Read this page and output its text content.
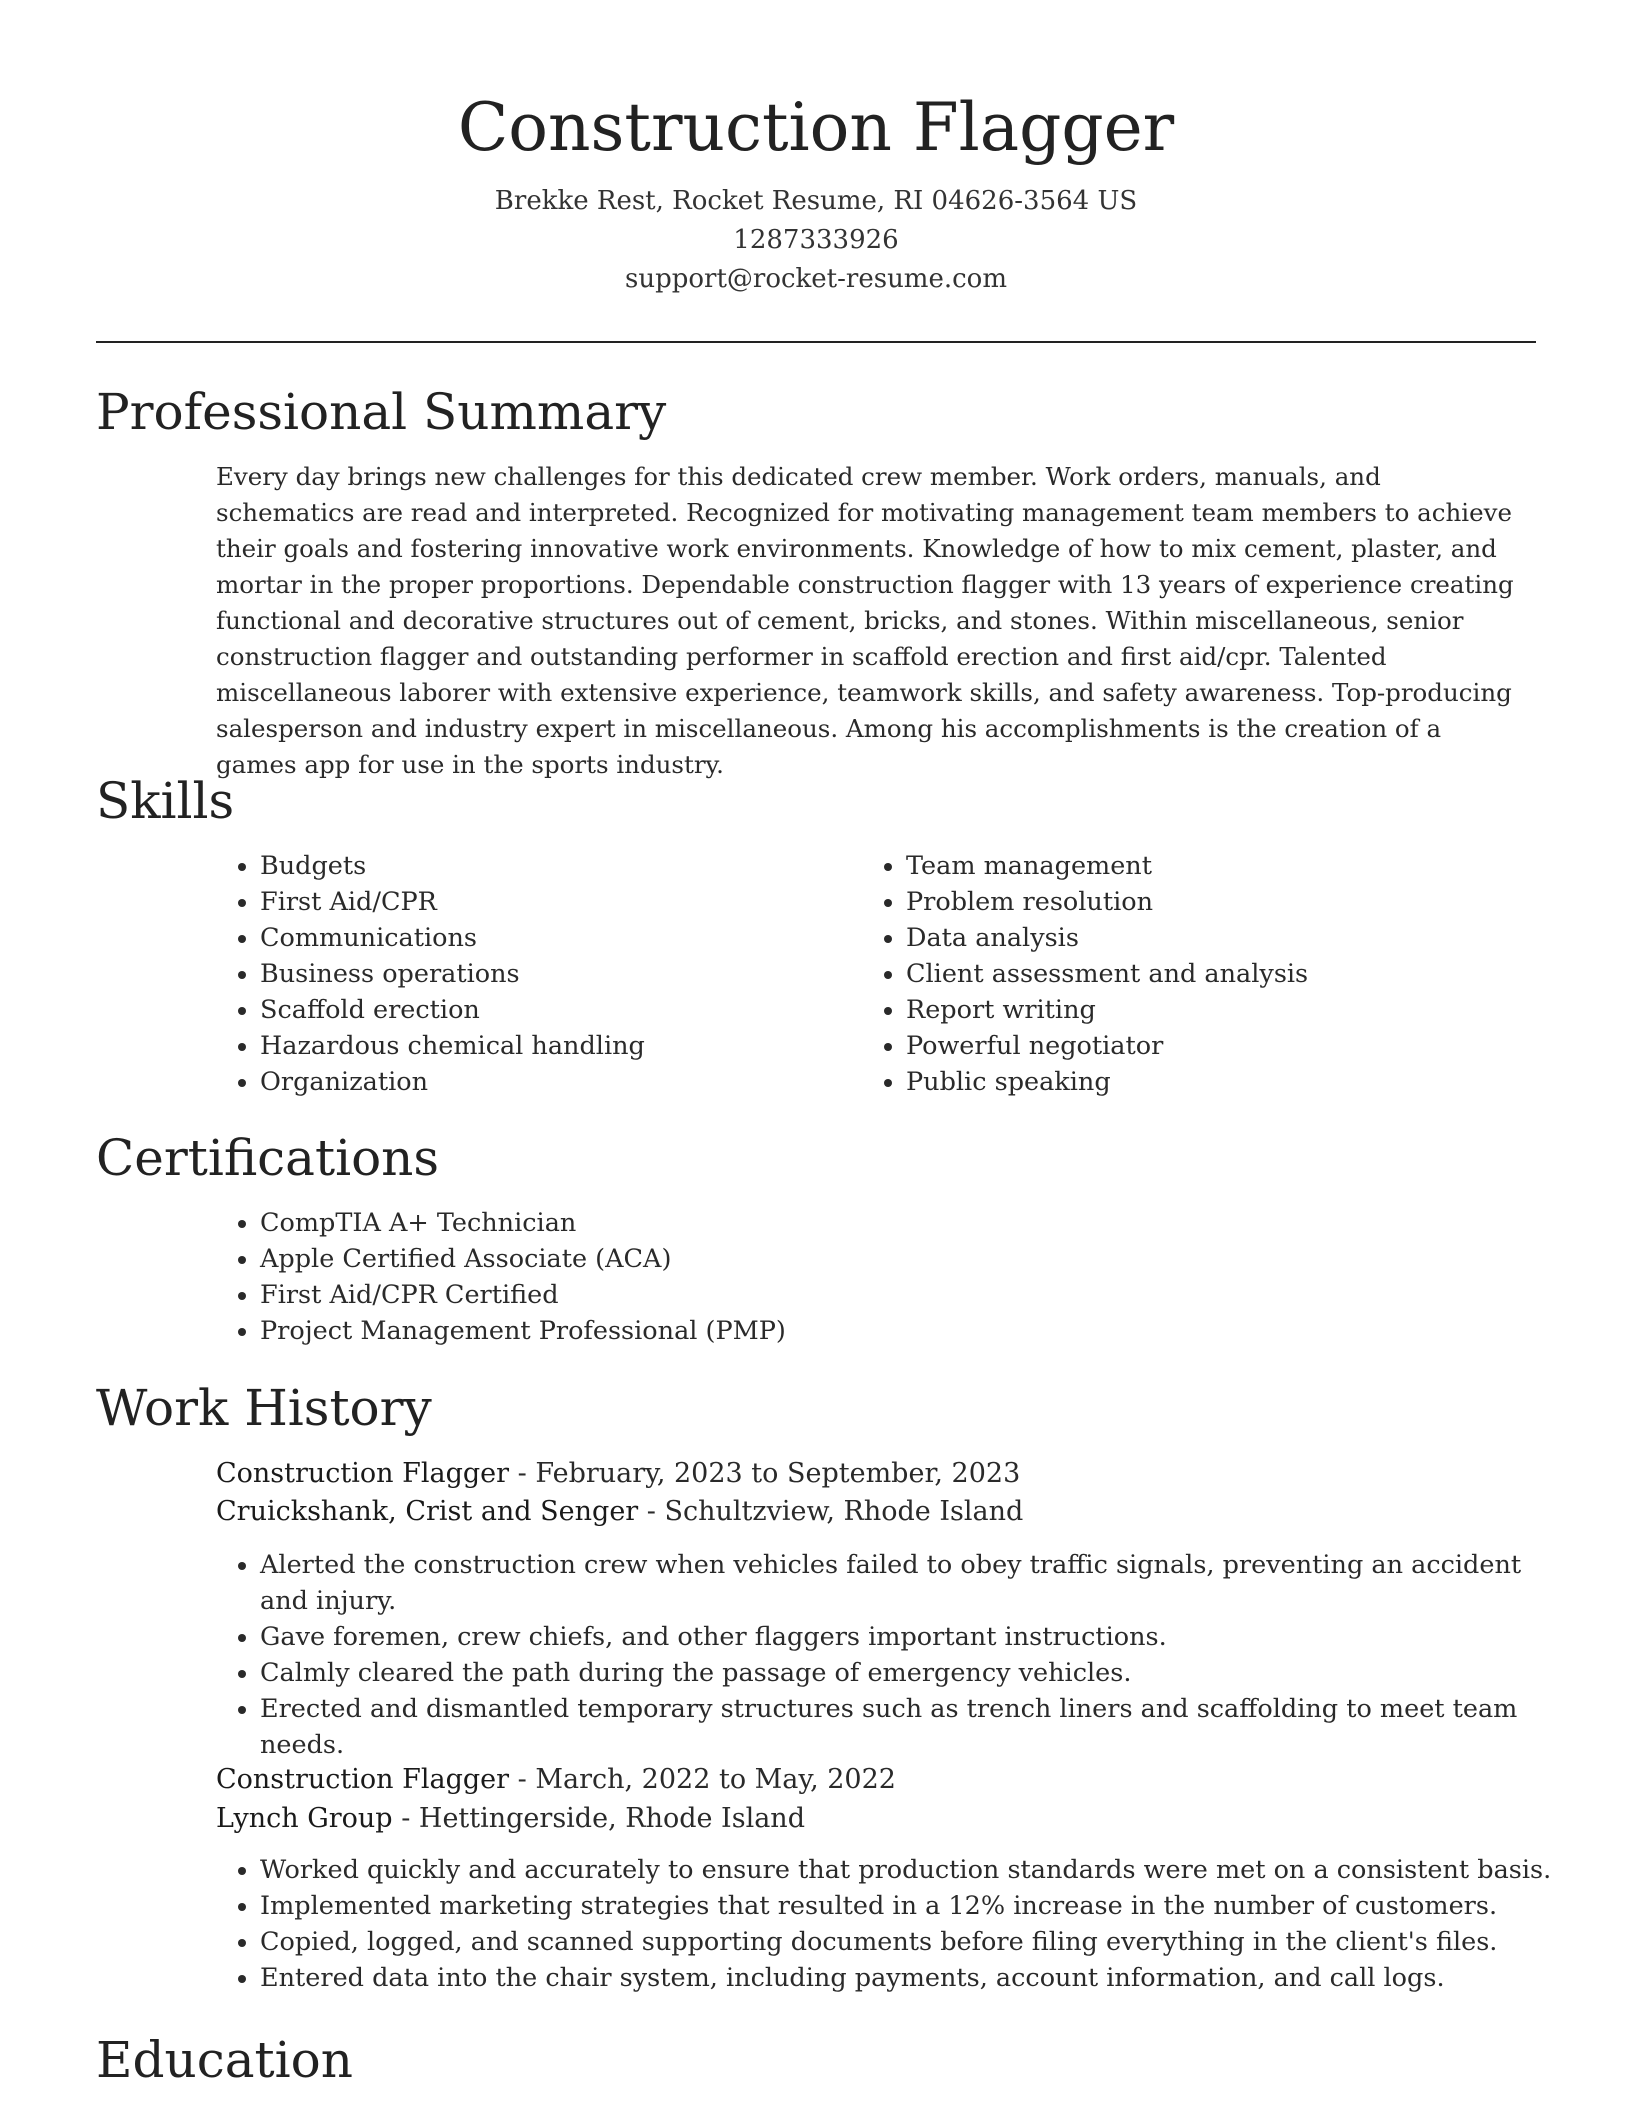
Construction Flagger
Brekke Rest, Rocket Resume, RI 04626-3564 US
1287333926
support@rocket-resume.com
Professional Summary

Every day brings new challenges for this dedicated crew member. Work orders, manuals, and schematics are read and interpreted. Recognized for motivating management team members to achieve their goals and fostering innovative work environments. Knowledge of how to mix cement, plaster, and mortar in the proper proportions. Dependable construction flagger with 13 years of experience creating functional and decorative structures out of cement, bricks, and stones. Within miscellaneous, senior construction flagger and outstanding performer in scaffold erection and first aid/cpr. Talented miscellaneous laborer with extensive experience, teamwork skills, and safety awareness. Top-producing salesperson and industry expert in miscellaneous. Among his accomplishments is the creation of a games app for use in the sports industry.

Skills
• Budgets
• First Aid/CPR
• Communications
• Business operations
• Scaffold erection
• Hazardous chemical handling
• Organization
• Team management
• Problem resolution
• Data analysis
• Client assessment and analysis
• Report writing
• Powerful negotiator
• Public speaking
Certifications
• CompTIA A+ Technician
• Apple Certified Associate (ACA)
• First Aid/CPR Certified
• Project Management Professional (PMP)
Work History

Construction Flagger - February, 2023 to September, 2023

Cruickshank, Crist and Senger - Schultzview, Rhode Island

• Alerted the construction crew when vehicles failed to obey traffic signals, preventing an accident and injury.
• Gave foremen, crew chiefs, and other flaggers important instructions.
• Calmly cleared the path during the passage of emergency vehicles.
• Erected and dismantled temporary structures such as trench liners and scaffolding to meet team needs.

Construction Flagger - March, 2022 to May, 2022

Lynch Group - Hettingerside, Rhode Island

• Worked quickly and accurately to ensure that production standards were met on a consistent basis.
• Implemented marketing strategies that resulted in a 12% increase in the number of customers.
• Copied, logged, and scanned supporting documents before filing everything in the client's files.
• Entered data into the chair system, including payments, account information, and call logs.
Education
